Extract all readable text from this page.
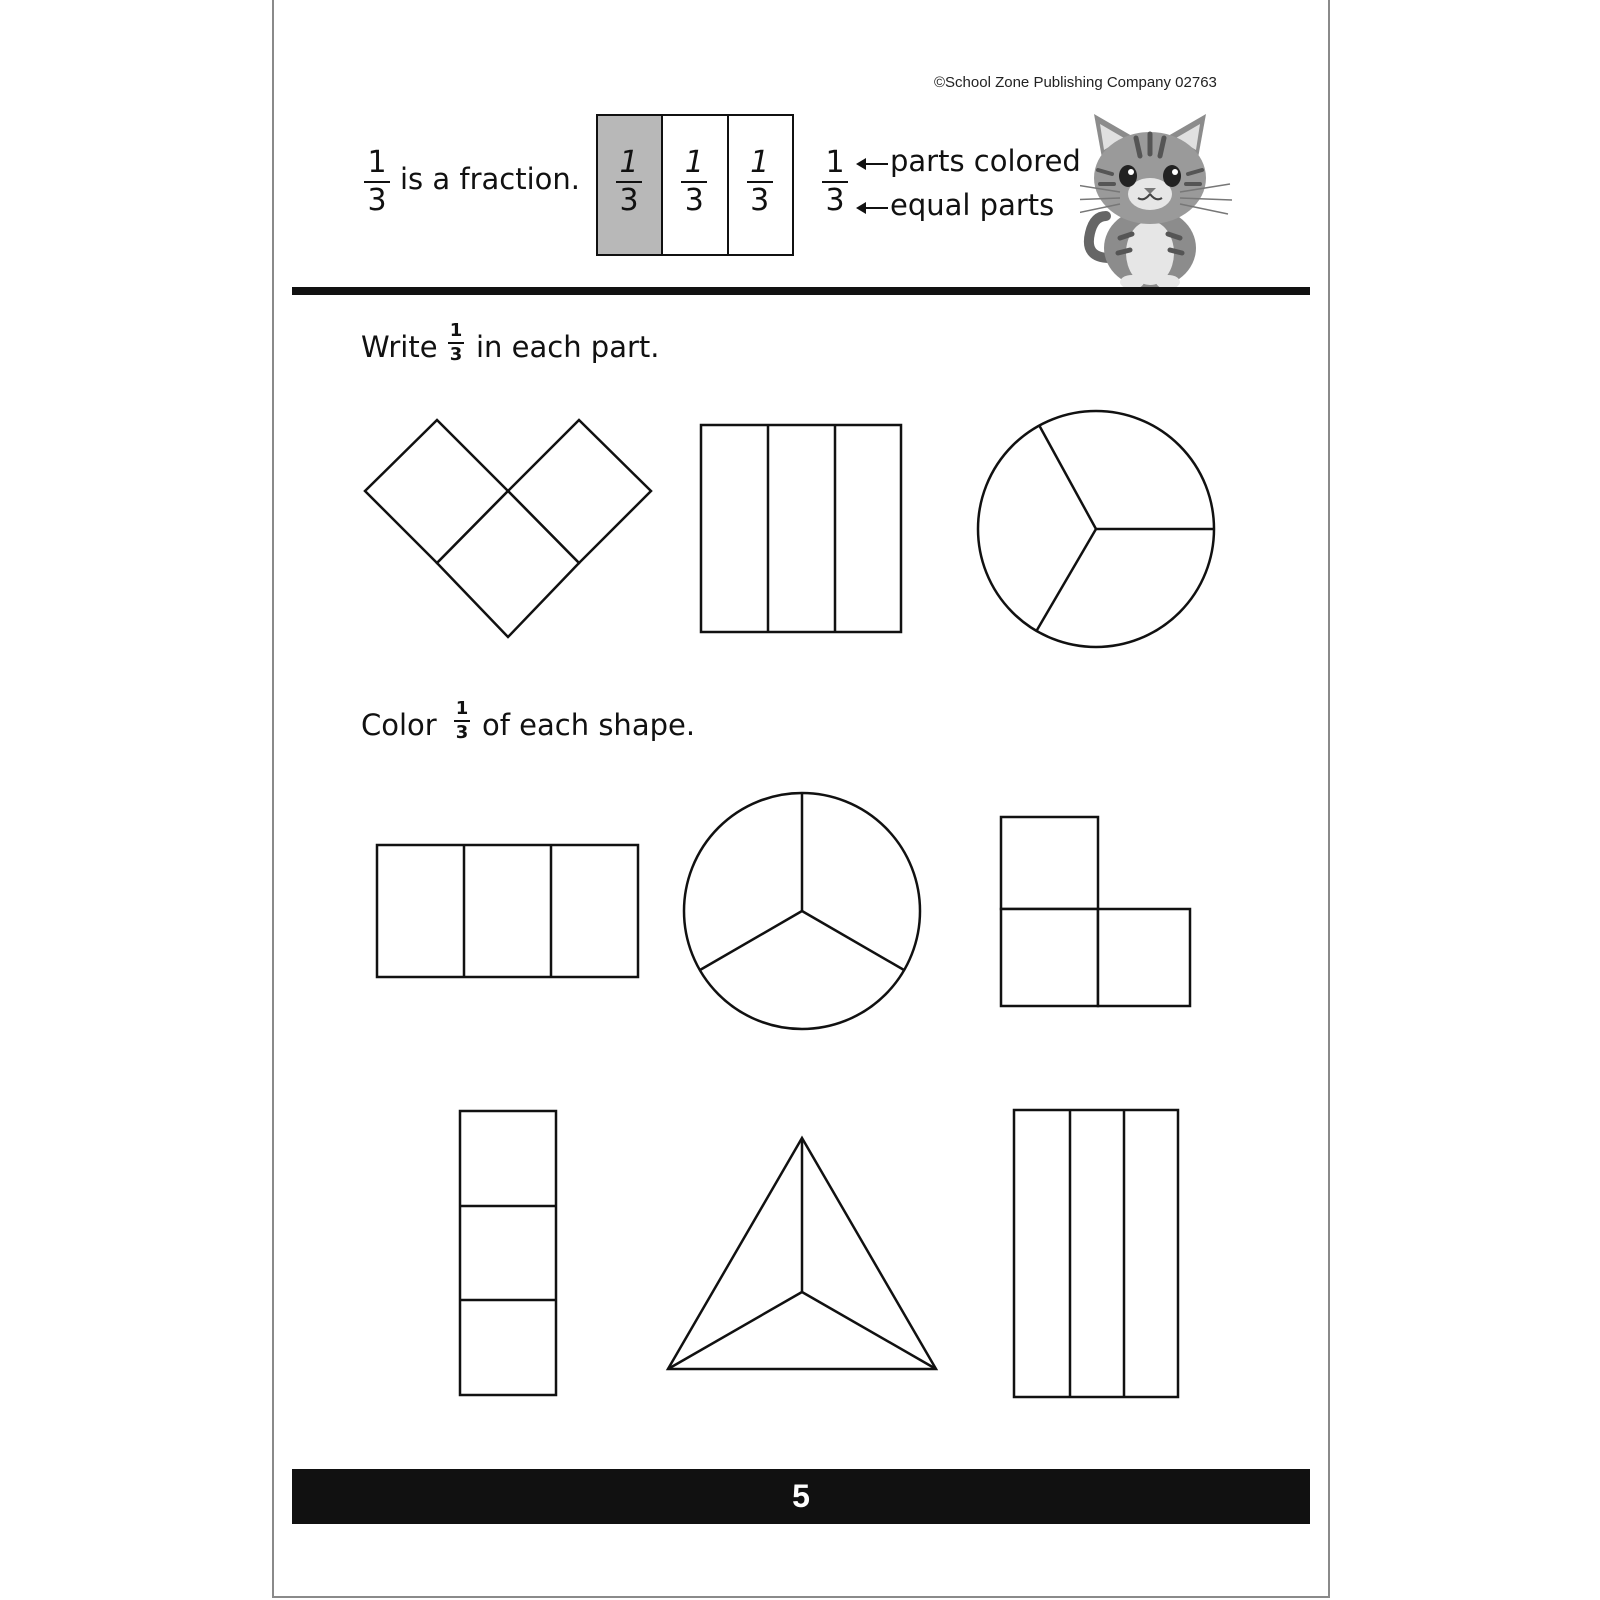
©School Zone Publishing Company 02763
1
3
is a fraction. 1
3
1
3
1
3
1
3
parts colored
equal parts
Write 1
3 in each part.
Color 1
3 of each shape.
5
